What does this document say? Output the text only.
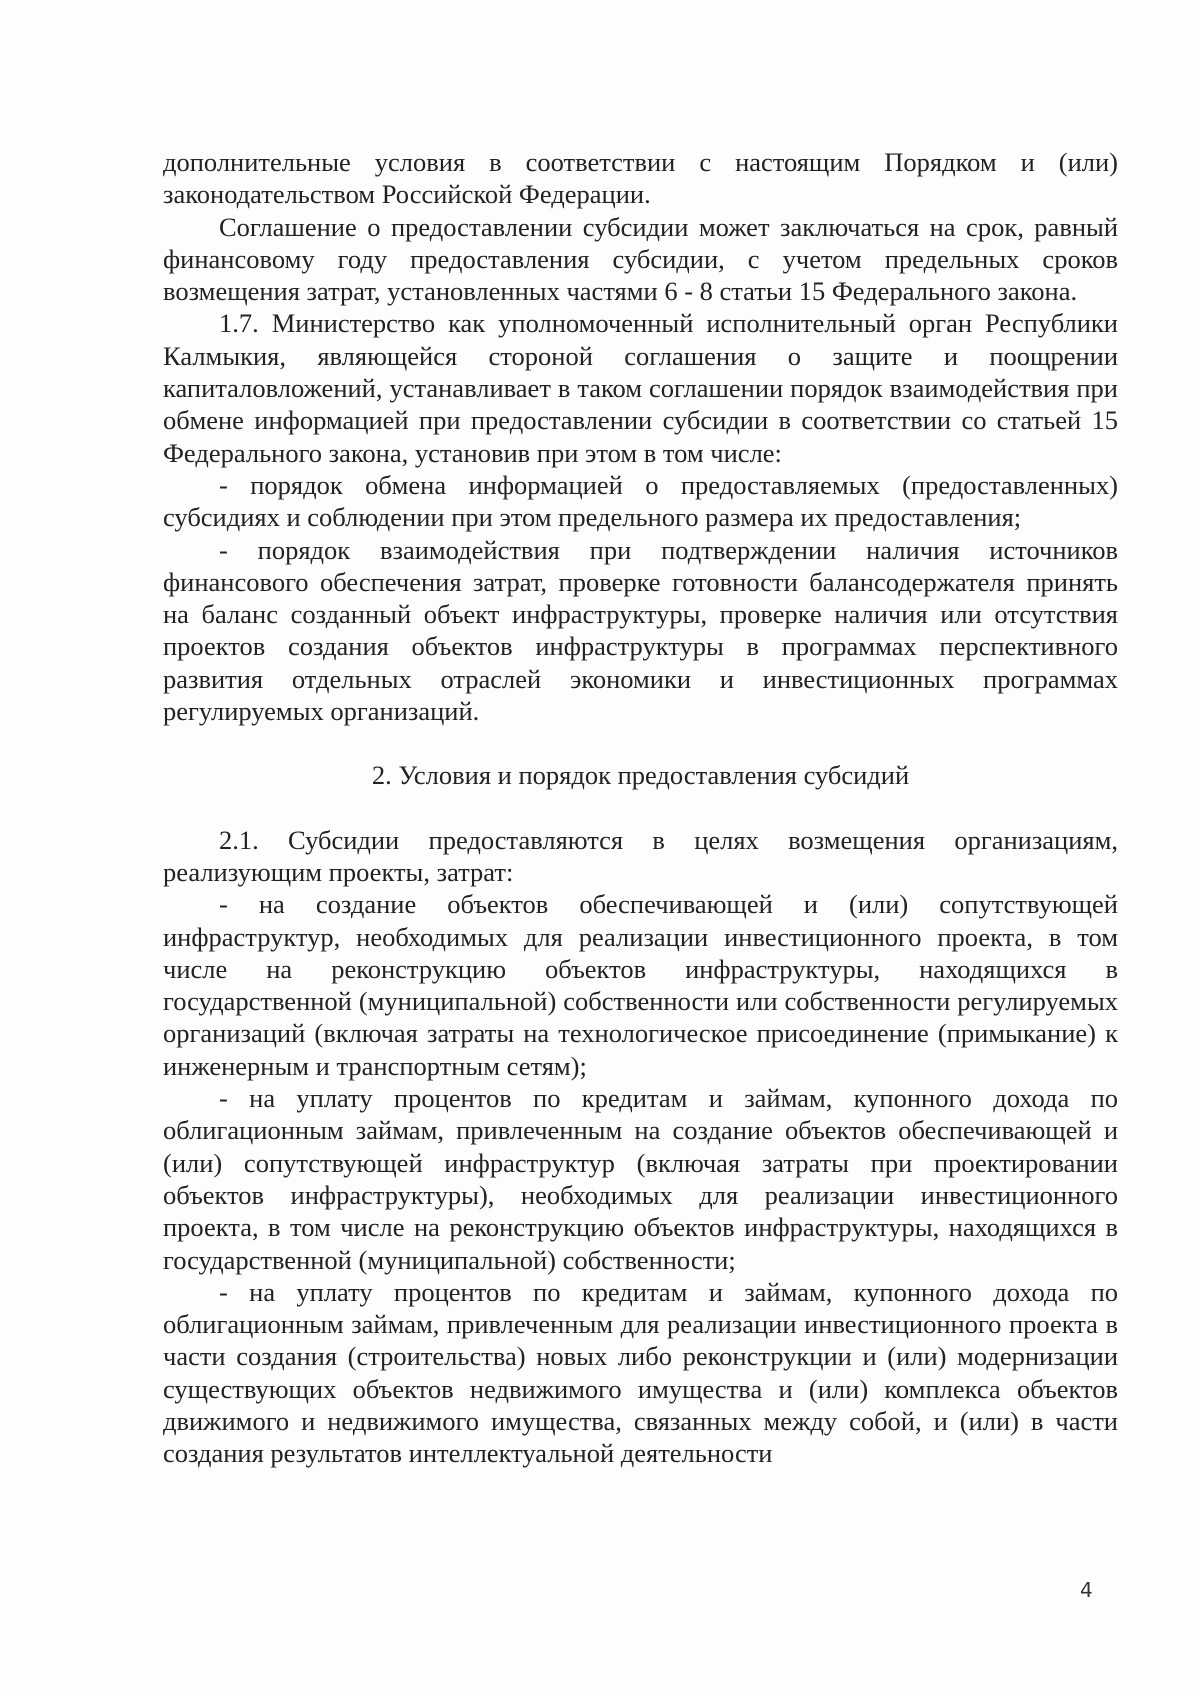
дополнительные условия в соответствии с настоящим Порядком и (или) законодательством Российской Федерации.

Соглашение о предоставлении субсидии может заключаться на срок, равный финансовому году предоставления субсидии, с учетом предельных сроков возмещения затрат, установленных частями 6 - 8 статьи 15 Федерального закона.

1.7. Министерство как уполномоченный исполнительный орган Республики Калмыкия, являющейся стороной соглашения о защите и поощрении капиталовложений, устанавливает в таком соглашении порядок взаимодействия при обмене информацией при предоставлении субсидии в соответствии со статьей 15 Федерального закона, установив при этом в том числе:

- порядок обмена информацией о предоставляемых (предоставленных) субсидиях и соблюдении при этом предельного размера их предоставления;

- порядок взаимодействия при подтверждении наличия источников финансового обеспечения затрат, проверке готовности балансодержателя принять на баланс созданный объект инфраструктуры, проверке наличия или отсутствия проектов создания объектов инфраструктуры в программах перспективного развития отдельных отраслей экономики и инвестиционных программах регулируемых организаций.

2. Условия и порядок предоставления субсидий

2.1. Субсидии предоставляются в целях возмещения организациям, реализующим проекты, затрат:

- на создание объектов обеспечивающей и (или) сопутствующей инфраструктур, необходимых для реализации инвестиционного проекта, в том числе на реконструкцию объектов инфраструктуры, находящихся в государственной (муниципальной) собственности или собственности регулируемых организаций (включая затраты на технологическое присоединение (примыкание) к инженерным и транспортным сетям);

- на уплату процентов по кредитам и займам, купонного дохода по облигационным займам, привлеченным на создание объектов обеспечивающей и (или) сопутствующей инфраструктур (включая затраты при проектировании объектов инфраструктуры), необходимых для реализации инвестиционного проекта, в том числе на реконструкцию объектов инфраструктуры, находящихся в государственной (муниципальной) собственности;

- на уплату процентов по кредитам и займам, купонного дохода по облигационным займам, привлеченным для реализации инвестиционного проекта в части создания (строительства) новых либо реконструкции и (или) модернизации существующих объектов недвижимого имущества и (или) комплекса объектов движимого и недвижимого имущества, связанных между собой, и (или) в части создания результатов интеллектуальной деятельности

4
